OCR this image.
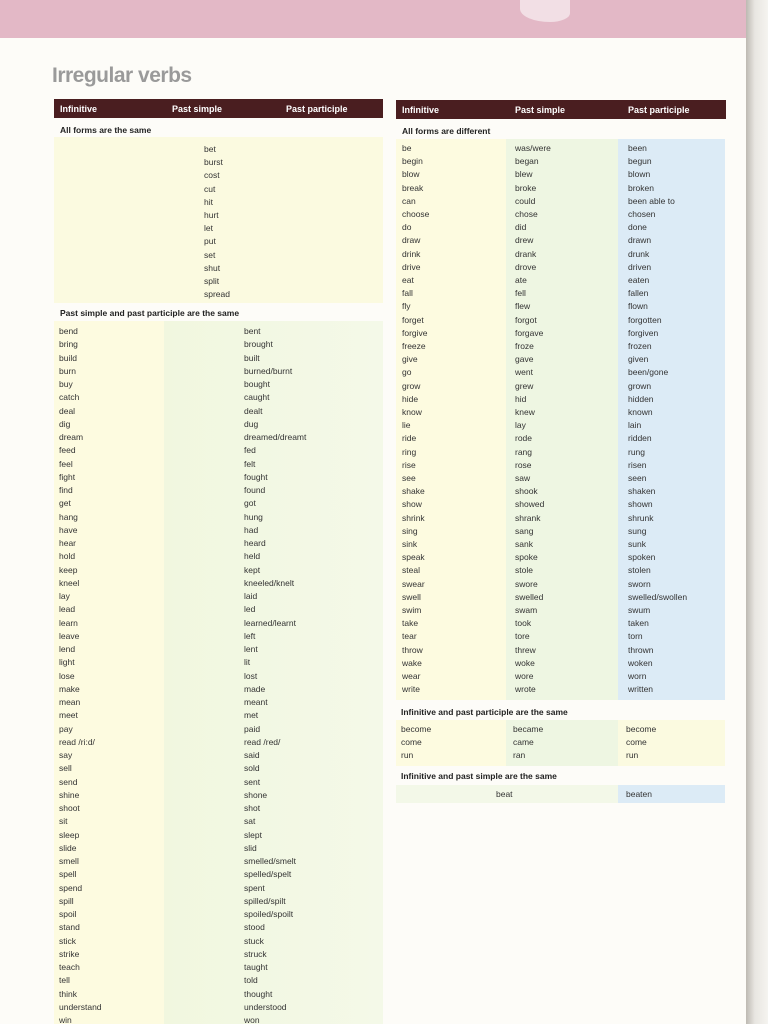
Irregular verbs
Infinitive	Past simple	Past participle
All forms are the same
bet
burst
cost
cut
hit
hurt
let
put
set
shut
split
spread
Past simple and past participle are the same
bend	bent
bring	brought
build	built
burn	burned/burnt
buy	bought
catch	caught
deal	dealt
dig	dug
dream	dreamed/dreamt
feed	fed
feel	felt
fight	fought
find	found
get	got
hang	hung
have	had
hear	heard
hold	held
keep	kept
kneel	kneeled/knelt
lay	laid
lead	led
learn	learned/learnt
leave	left
lend	lent
light	lit
lose	lost
make	made
mean	meant
meet	met
pay	paid
read /ri:d/	read /red/
say	said
sell	sold
send	sent
shine	shone
shoot	shot
sit	sat
sleep	slept
slide	slid
smell	smelled/smelt
spell	spelled/spelt
spend	spent
spill	spilled/spilt
spoil	spoiled/spoilt
stand	stood
stick	stuck
strike	struck
teach	taught
tell	told
think	thought
understand	understood
win	won
Infinitive	Past simple	Past participle
All forms are different
be	was/were	been
begin	began	begun
blow	blew	blown
break	broke	broken
can	could	been able to
choose	chose	chosen
do	did	done
draw	drew	drawn
drink	drank	drunk
drive	drove	driven
eat	ate	eaten
fall	fell	fallen
fly	flew	flown
forget	forgot	forgotten
forgive	forgave	forgiven
freeze	froze	frozen
give	gave	given
go	went	been/gone
grow	grew	grown
hide	hid	hidden
know	knew	known
lie	lay	lain
ride	rode	ridden
ring	rang	rung
rise	rose	risen
see	saw	seen
shake	shook	shaken
show	showed	shown
shrink	shrank	shrunk
sing	sang	sung
sink	sank	sunk
speak	spoke	spoken
steal	stole	stolen
swear	swore	sworn
swell	swelled	swelled/swollen
swim	swam	swum
take	took	taken
tear	tore	torn
throw	threw	thrown
wake	woke	woken
wear	wore	worn
write	wrote	written
Infinitive and past participle are the same
become	became	become
come	came	come
run	ran	run
Infinitive and past simple are the same
beat	beaten
